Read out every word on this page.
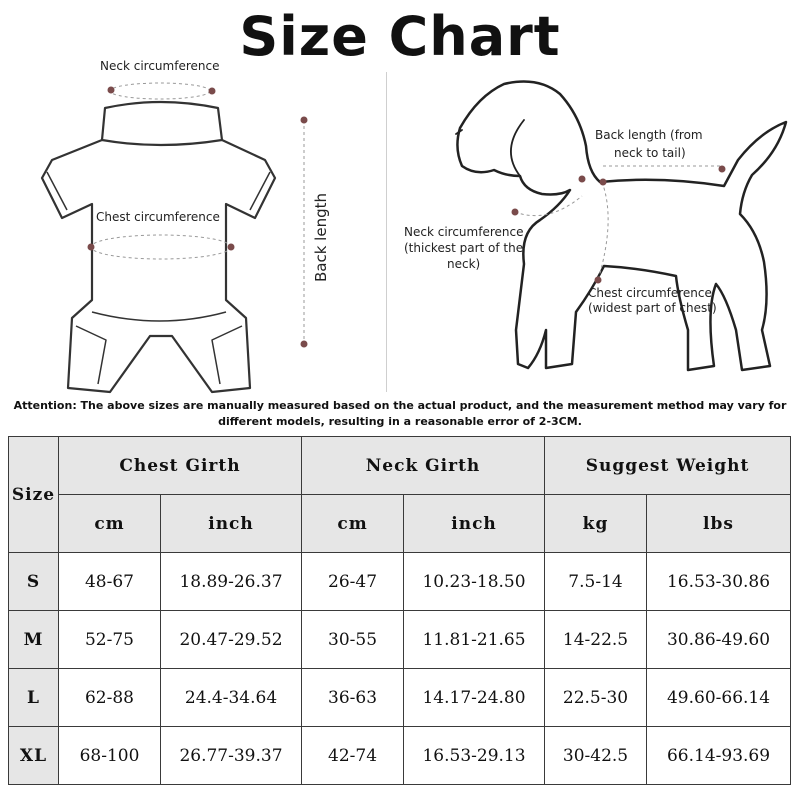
Size Chart
Neck circumference
Chest circumference	Back length
Back length (from
neck to tail)
Neck circumference
(thickest part of the
neck)
Chest circumference
(widest part of chest)
Attention: The above sizes are manually measured based on the actual product, and the measurement method may vary for different models, resulting in a reasonable error of 2-3CM.
Size	Chest Girth		Neck Girth		Suggest Weight	
	cm	inch	cm	inch	kg	lbs
S	48-67	18.89-26.37	26-47	10.23-18.50	7.5-14	16.53-30.86
M	52-75	20.47-29.52	30-55	11.81-21.65	14-22.5	30.86-49.60
L	62-88	24.4-34.64	36-63	14.17-24.80	22.5-30	49.60-66.14
XL	68-100	26.77-39.37	42-74	16.53-29.13	30-42.5	66.14-93.69
